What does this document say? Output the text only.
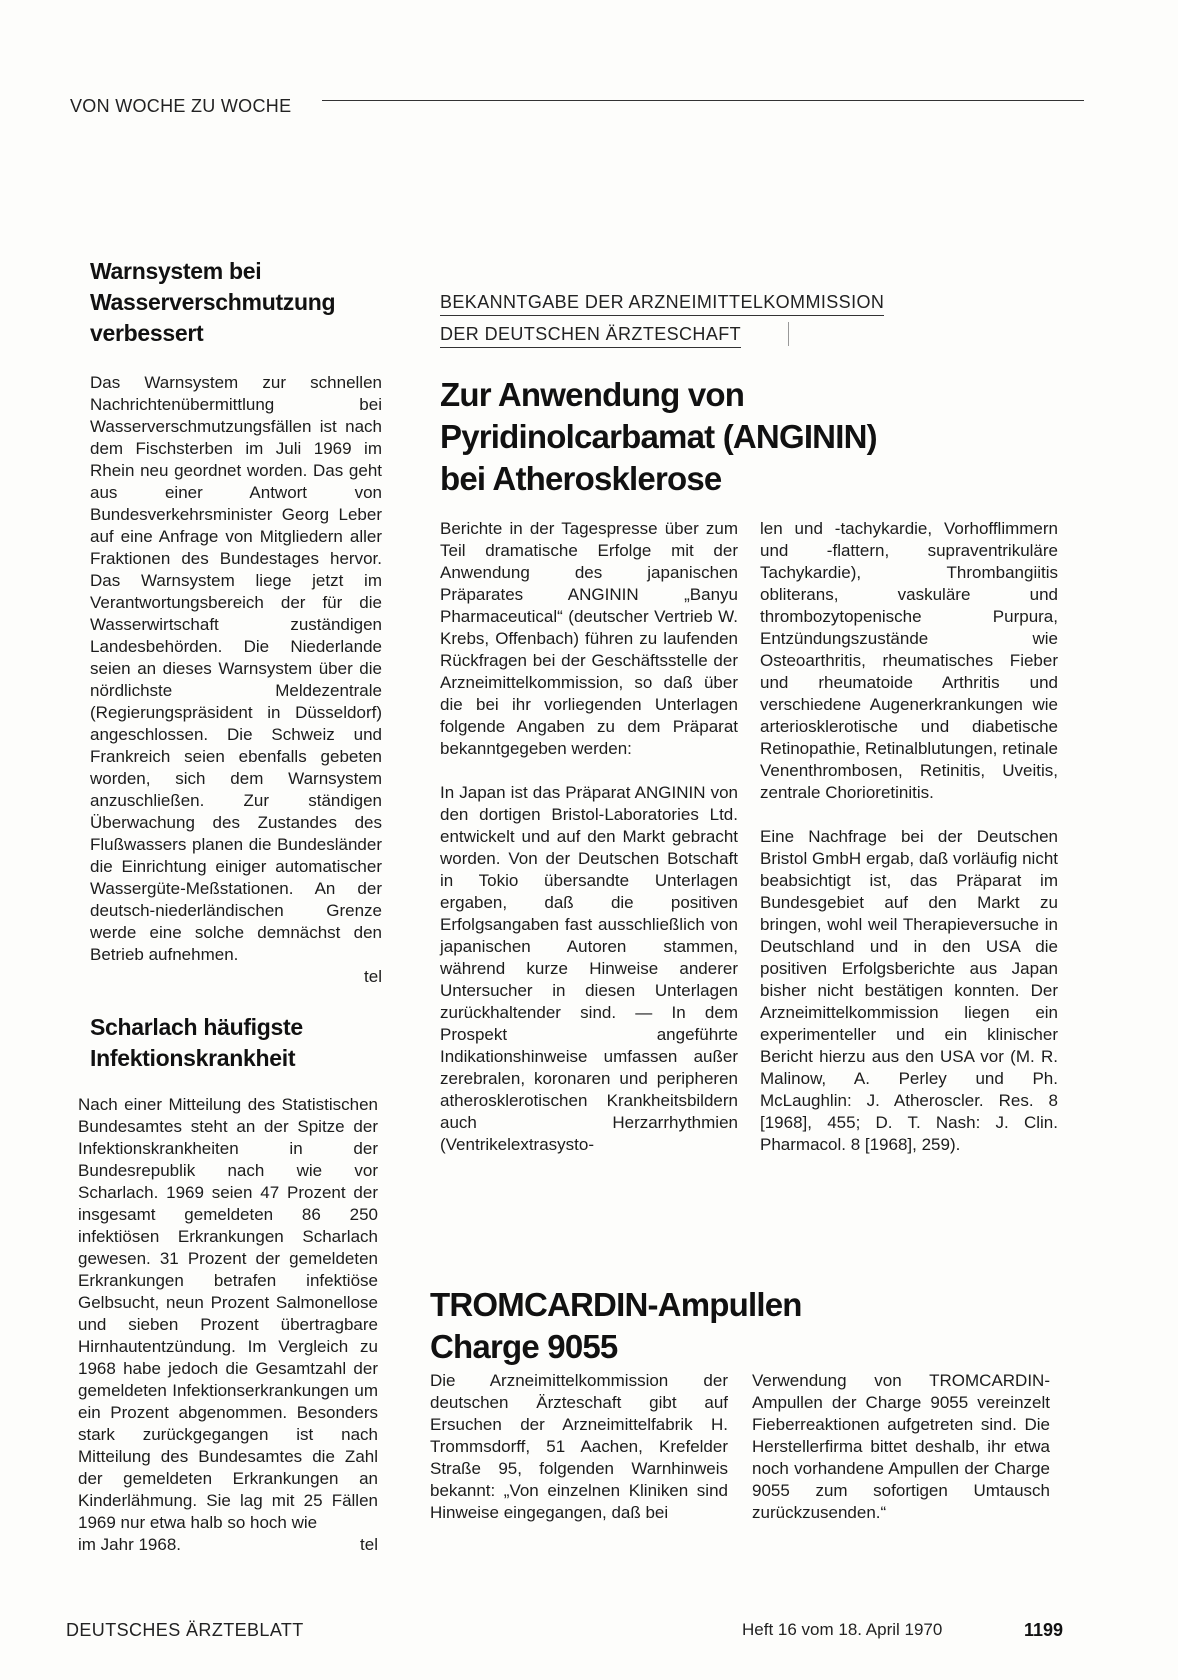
VON WOCHE ZU WOCHE
Warnsystem bei
Wasserverschmutzung
verbessert

Das Warnsystem zur schnellen Nachrichtenübermittlung bei Wasserverschmutzungsfällen ist nach dem Fischsterben im Juli 1969 im Rhein neu geordnet worden. Das geht aus einer Antwort von Bundesverkehrsminister Georg Leber auf eine Anfrage von Mitgliedern aller Fraktionen des Bundestages hervor. Das Warnsystem liege jetzt im Verantwortungsbereich der für die Wasserwirtschaft zuständigen Landesbehörden. Die Niederlande seien an dieses Warnsystem über die nördlichste Meldezentrale (Regierungspräsident in Düsseldorf) angeschlossen. Die Schweiz und Frankreich seien ebenfalls gebeten worden, sich dem Warnsystem anzuschließen. Zur ständigen Überwachung des Zustandes des Flußwassers planen die Bundesländer die Einrichtung einiger automatischer Wassergüte-Meßstationen. An der deutsch-niederländischen Grenze werde eine solche demnächst den Betrieb aufnehmen.

tel
Scharlach häufigste
Infektionskrankheit

Nach einer Mitteilung des Statistischen Bundesamtes steht an der Spitze der Infektionskrankheiten in der Bundesrepublik nach wie vor Scharlach. 1969 seien 47 Prozent der insgesamt gemeldeten 86 250 infektiösen Erkrankungen Scharlach gewesen. 31 Prozent der gemeldeten Erkrankungen betrafen infektiöse Gelbsucht, neun Prozent Salmonellose und sieben Prozent übertragbare Hirnhautentzündung. Im Vergleich zu 1968 habe jedoch die Gesamtzahl der gemeldeten Infektionserkrankungen um ein Prozent abgenommen. Besonders stark zurückgegangen ist nach Mitteilung des Bundesamtes die Zahl der gemeldeten Erkrankungen an Kinderlähmung. Sie lag mit 25 Fällen 1969 nur etwa halb so hoch wie

im Jahr 1968.	tel
BEKANNTGABE DER ARZNEIMITTELKOMMISSION
DER DEUTSCHEN ÄRZTESCHAFT
Zur Anwendung von
Pyridinolcarbamat (ANGININ)
bei Atherosklerose

Berichte in der Tagespresse über zum Teil dramatische Erfolge mit der Anwendung des japanischen Präparates ANGININ „Banyu Pharmaceutical“ (deutscher Vertrieb W. Krebs, Offenbach) führen zu laufenden Rückfragen bei der Geschäftsstelle der Arzneimittelkommission, so daß über die bei ihr vorliegenden Unterlagen folgende Angaben zu dem Präparat bekanntgegeben werden:

In Japan ist das Präparat ANGININ von den dortigen Bristol-Laboratories Ltd. entwickelt und auf den Markt gebracht worden. Von der Deutschen Botschaft in Tokio übersandte Unterlagen ergaben, daß die positiven Erfolgsangaben fast ausschließlich von japanischen Autoren stammen, während kurze Hinweise anderer Untersucher in diesen Unterlagen zurückhaltender sind. — In dem Prospekt angeführte Indikationshinweise umfassen außer zerebralen, koronaren und peripheren atherosklerotischen Krankheitsbildern auch Herzarrhythmien (Ventrikelextrasysto-

len und -tachykardie, Vorhofflimmern und -flattern, supraventrikuläre Tachykardie), Thrombangiitis obliterans, vaskuläre und thrombozytopenische Purpura, Entzündungszustände wie Osteoarthritis, rheumatisches Fieber und rheumatoide Arthritis und verschiedene Augenerkrankungen wie arteriosklerotische und diabetische Retinopathie, Retinalblutungen, retinale Venenthrombosen, Retinitis, Uveitis, zentrale Chorioretinitis.

Eine Nachfrage bei der Deutschen Bristol GmbH ergab, daß vorläufig nicht beabsichtigt ist, das Präparat im Bundesgebiet auf den Markt zu bringen, wohl weil Therapieversuche in Deutschland und in den USA die positiven Erfolgsberichte aus Japan bisher nicht bestätigen konnten. Der Arzneimittelkommission liegen ein experimenteller und ein klinischer Bericht hierzu aus den USA vor (M. R. Malinow, A. Perley und Ph. McLaughlin: J. Atheroscler. Res. 8 [1968], 455; D. T. Nash: J. Clin. Pharmacol. 8 [1968], 259).

TROMCARDIN-Ampullen
Charge 9055

Die Arzneimittelkommission der deutschen Ärzteschaft gibt auf Ersuchen der Arzneimittelfabrik H. Trommsdorff, 51 Aachen, Krefelder Straße 95, folgenden Warnhinweis bekannt: „Von einzelnen Kliniken sind Hinweise eingegangen, daß bei

Verwendung von TROMCARDIN-Ampullen der Charge 9055 vereinzelt Fieberreaktionen aufgetreten sind. Die Herstellerfirma bittet deshalb, ihr etwa noch vorhandene Ampullen der Charge 9055 zum sofortigen Umtausch zurückzusenden.“

DEUTSCHES ÄRZTEBLATT	Heft 16 vom 18. April 1970	1199
